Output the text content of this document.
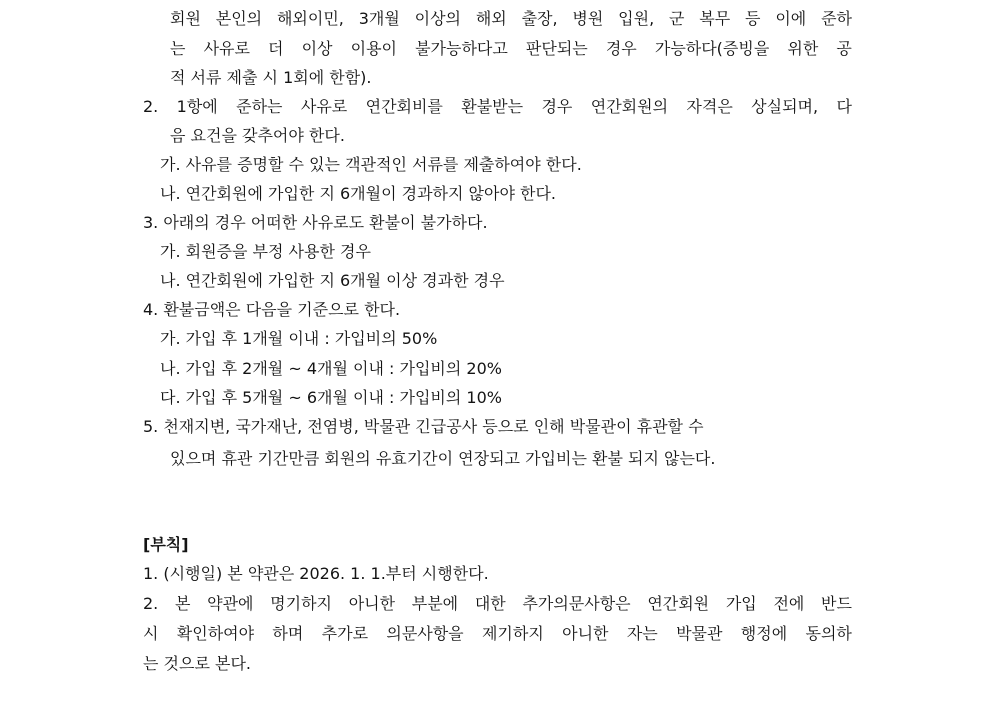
회원 본인의 해외이민, 3개월 이상의 해외 출장, 병원 입원, 군 복무 등 이에 준하
는 사유로 더 이상 이용이 불가능하다고 판단되는 경우 가능하다(증빙을 위한 공
적 서류 제출 시 1회에 한함).
2. 1항에 준하는 사유로 연간회비를 환불받는 경우 연간회원의 자격은 상실되며, 다
음 요건을 갖추어야 한다.
가. 사유를 증명할 수 있는 객관적인 서류를 제출하여야 한다.
나. 연간회원에 가입한 지 6개월이 경과하지 않아야 한다.
3. 아래의 경우 어떠한 사유로도 환불이 불가하다.
가. 회원증을 부정 사용한 경우
나. 연간회원에 가입한 지 6개월 이상 경과한 경우
4. 환불금액은 다음을 기준으로 한다.
가. 가입 후 1개월 이내 : 가입비의 50%
나. 가입 후 2개월 ~ 4개월 이내 : 가입비의 20%
다. 가입 후 5개월 ~ 6개월 이내 : 가입비의 10%
5. 천재지변, 국가재난, 전염병, 박물관 긴급공사 등으로 인해 박물관이 휴관할 수
있으며 휴관 기간만큼 회원의 유효기간이 연장되고 가입비는 환불 되지 않는다.
[부칙]
1. (시행일) 본 약관은 2026. 1. 1.부터 시행한다.
2. 본 약관에 명기하지 아니한 부분에 대한 추가의문사항은 연간회원 가입 전에 반드
시 확인하여야 하며 추가로 의문사항을 제기하지 아니한 자는 박물관 행정에 동의하
는 것으로 본다.
